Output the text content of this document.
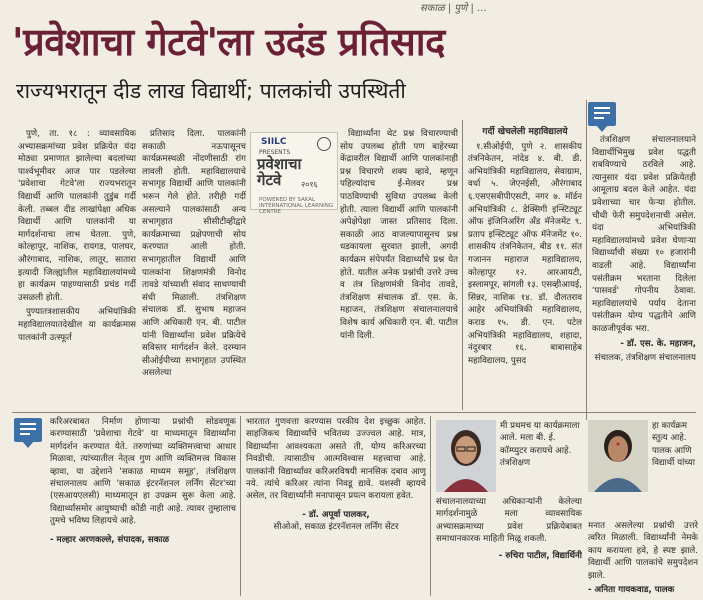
सकाळ | पुणे | ...
'प्रवेशाचा गेटवे'ला उदंड प्रतिसाद
राज्यभरातून दीड लाख विद्यार्थी; पालकांची उपस्थिती

पुणे, ता. १८ : व्यावसायिक अभ्यासक्रमांच्या प्रवेश प्रक्रियेत यंदा मोठ्या प्रमाणात झालेल्या बदलांच्या पार्श्वभूमीवर आज पार पडलेल्या 'प्रवेशाचा गेटवे'ला राज्यभरातून विद्यार्थी आणि पालकांनी तुडुंब गर्दी केली. तब्बल दीड लाखांपेक्षा अधिक विद्यार्थी आणि पालकांनी या मार्गदर्शनाचा लाभ घेतला. पुणे, कोल्हापूर, नाशिक, रायगड, पालघर, औरंगाबाद, नाशिक, लातूर, सातारा इत्यादी जिल्ह्यांतील महाविद्यालयांमध्ये हा कार्यक्रम पाहण्यासाठी प्रचंड गर्दी उसळली होती.

पुण्यातत्रशासकीय अभियांत्रिकी महाविद्यालयातदेखील या कार्यक्रमास पालकांनी उत्स्फूर्त

प्रतिसाद दिला. पालकांनी सकाळी नऊपासूनच कार्यक्रमस्थळी नोंदणीसाठी रांग लावली होती. महाविद्यालयाचे सभागृह विद्यार्थी आणि पालकांनी भरून गेले होते. तरीही गर्दी असल्याने पालकांसाठी अन्य सभागृहात सीसीटीव्हीद्वारे कार्यक्रमाच्या प्रक्षेपणाची सोय करण्यात आली होती. सभागृहातील विद्यार्थी आणि पालकांना शिक्षणमंत्री विनोद तावडे यांच्याशी संवाद साधण्याची संधी मिळाली. तंत्रशिक्षण संचालक डॉ. सुभाष महाजन आणि अधिकारी एन. बी. पाटील यांनी विद्यार्थ्यांना प्रवेश प्रक्रियेचे सविस्तर मार्गदर्शन केले. दरम्यान सीओईपीच्या सभागृहात उपस्थित असलेल्या

SIILC
PRESENTS
प्रवेशाचा
गेटवे २०१६
POWERED BY SAKAL INTERNATIONAL LEARNING CENTRE

विद्यार्थ्यांना थेट प्रश्न विचारण्याची सोय उपलब्ध होती पण बाहेरच्या केंद्रावरील विद्यार्थी आणि पालकांनाही प्रश्न विचारणे शक्य व्हावे, म्हणून पहिल्यांदाच ई-मेलवर प्रश्न पाठविण्याची सुविधा उपलब्ध केली होती. त्याला विद्यार्थी आणि पालकांनी अपेक्षेपेक्षा जास्त प्रतिसाद दिला. सकाळी आठ वाजल्यापासूनच प्रश्न धडकायला सुरवात झाली, अगदी कार्यक्रम संपेपर्यंत विद्यार्थ्यांचे प्रश्न येत होते. यातील अनेक प्रश्नांची उत्तरे उच्च व तंत्र शिक्षणमंत्री विनोद तावडे, तंत्रशिक्षण संचालक डॉ. एस. के. महाजन, तंत्रशिक्षण संचालनालयाचे विशेष कार्य अधिकारी एन. बी. पाटील यांनी दिली.

गर्दी खेचलेली महाविद्यालये

१.सीओईपी, पुणे २. शासकीय तंत्रनिकेतन, नांदेड ४. बी. डी. अभियांत्रिकी महाविद्यालय, सेवाग्राम, वर्धा ५. जेएनईसी, औरंगाबाद ६.एसएसबीपीएसटी, नगर ७. मॉर्डन अभियांत्रिकी ८. डेक्सिगी इन्स्टिट्यूट ऑफ इंजिनिअरिंग ॲंड मॅनेजमेंट ९. प्रताप इन्स्टिट्यूट ऑफ मॅनेजमेंट १०. शासकीय तंत्रनिकेतन, बीड ११. संत गजानन महाराज महाविद्यालय, कोल्हापूर १२. आरआयटी, इस्लामपूर, सांगली १३. एसव्हीआयई, सिन्नर, नाशिक १४. डॉ. दौलतराव आहेर अभियांत्रिकी महाविद्यालय, कराड १५. डी. एन. पटेल अभियांत्रिकी महाविद्यालय, शहादा, नंदुरबार १६. बाबासाहेब महाविद्यालय, पुसद

तंत्रशिक्षण संचालनालयाने विद्यार्थीभिमुख प्रवेश पद्धती राबविण्याचे ठरविले आहे. त्यानुसार यंदा प्रवेश प्रक्रियेतही आमूलाग्र बदल केले आहेत. यंदा प्रवेशाच्या चार फेऱ्या होतील. चौथी फेरी समुपदेशनाची असेल. यंदा अभियांत्रिकी महाविद्यालयांमध्ये प्रवेश घेणाऱ्या विद्यार्थ्यांची संख्या १० हजारांनी वाढली आहे. विद्यार्थ्यांना पसंतीक्रम भरताना दिलेला 'पासवर्ड' गोपनीय ठेवावा. महाविद्यालयांचे पर्याय देताना पसंतीक्रम योग्य पद्धतीने आणि काळजीपूर्वक भरा.

- डॉ. एस. के. महाजन,

संचालक, तंत्रशिक्षण संचालनालय

करिअरबाबत निर्माण होणाऱ्या प्रश्नांची सोडवणूक करण्यासाठी 'प्रवेशाचा गेटवे' या माध्यमातून विद्यार्थ्यांना मार्गदर्शन करण्यात येते. तरुणांच्या व्यक्तिमत्त्वाचा आधार मिळावा, त्यांच्यातील नेतृत्व गुण आणि व्यक्तिमत्त्व विकास व्हावा, या उद्देशाने 'सकाळ माध्यम समूह', तंत्रशिक्षण संचालनालय आणि 'सकाळ इंटरनॅशनल लर्निंग सेंटर'च्या (एसआयएलसी) माध्यमातून हा उपक्रम सुरू केला आहे. विद्यार्थ्यांसमोर आयुष्याची कोंडी नाही आहे. त्यावर तुम्हालाच तुमचे भविष्य लिहायचे आहे.

- मल्हार अरणकल्ले, संपादक, सकाळ

भारतात गुणवत्ता करण्यास परकीय देश इच्छुक आहेत. साहजिकच विद्यार्थ्यांचे भवितव्य उज्ज्वल आहे. मात्र, विद्यार्थ्यांना आवश्यकता असते ती, योग्य करिअरच्या निवडीची. त्यासाठीच आत्मविश्वास महत्त्वाचा आहे. पालकांनी विद्यार्थ्यांवर करिअरविषयी मानसिक दबाव आणू नये. त्यांचे करिअर त्यांना निवडू द्यावे. यशस्वी व्हायचे असेल, तर विद्यार्थ्यांनी मनापासून प्रयत्न करायला हवेत.

- डॉ. अपूर्वा पालकर,

सीओओ, सकाळ इंटरनॅशनल लर्निंग सेंटर

मी प्रथमच या कार्यक्रमाला आले. मला बी. ई. कॉम्प्युटर करायचे आहे. तंत्रशिक्षण

संचालनालयाच्या अधिकाऱ्यांनी केलेल्या मार्गदर्शनामुळे मला व्यावसायिक अभ्यासक्रमाच्या प्रवेश प्रक्रियेबाबत समाधानकारक माहिती मिळू शकली.

- रुचिरा पाटील, विद्यार्थिनी

हा कार्यक्रम स्तुत्य आहे. पालक आणि विद्यार्थी यांच्या

मनात असलेल्या प्रश्नांची उत्तरे त्वरित मिळाली. विद्यार्थ्यांनी नेमके काय करायला हवे, हे स्पष्ट झाले. विद्यार्थी आणि पालकांचे समुपदेशन झाले.

- अनिता गायकवाड, पालक
